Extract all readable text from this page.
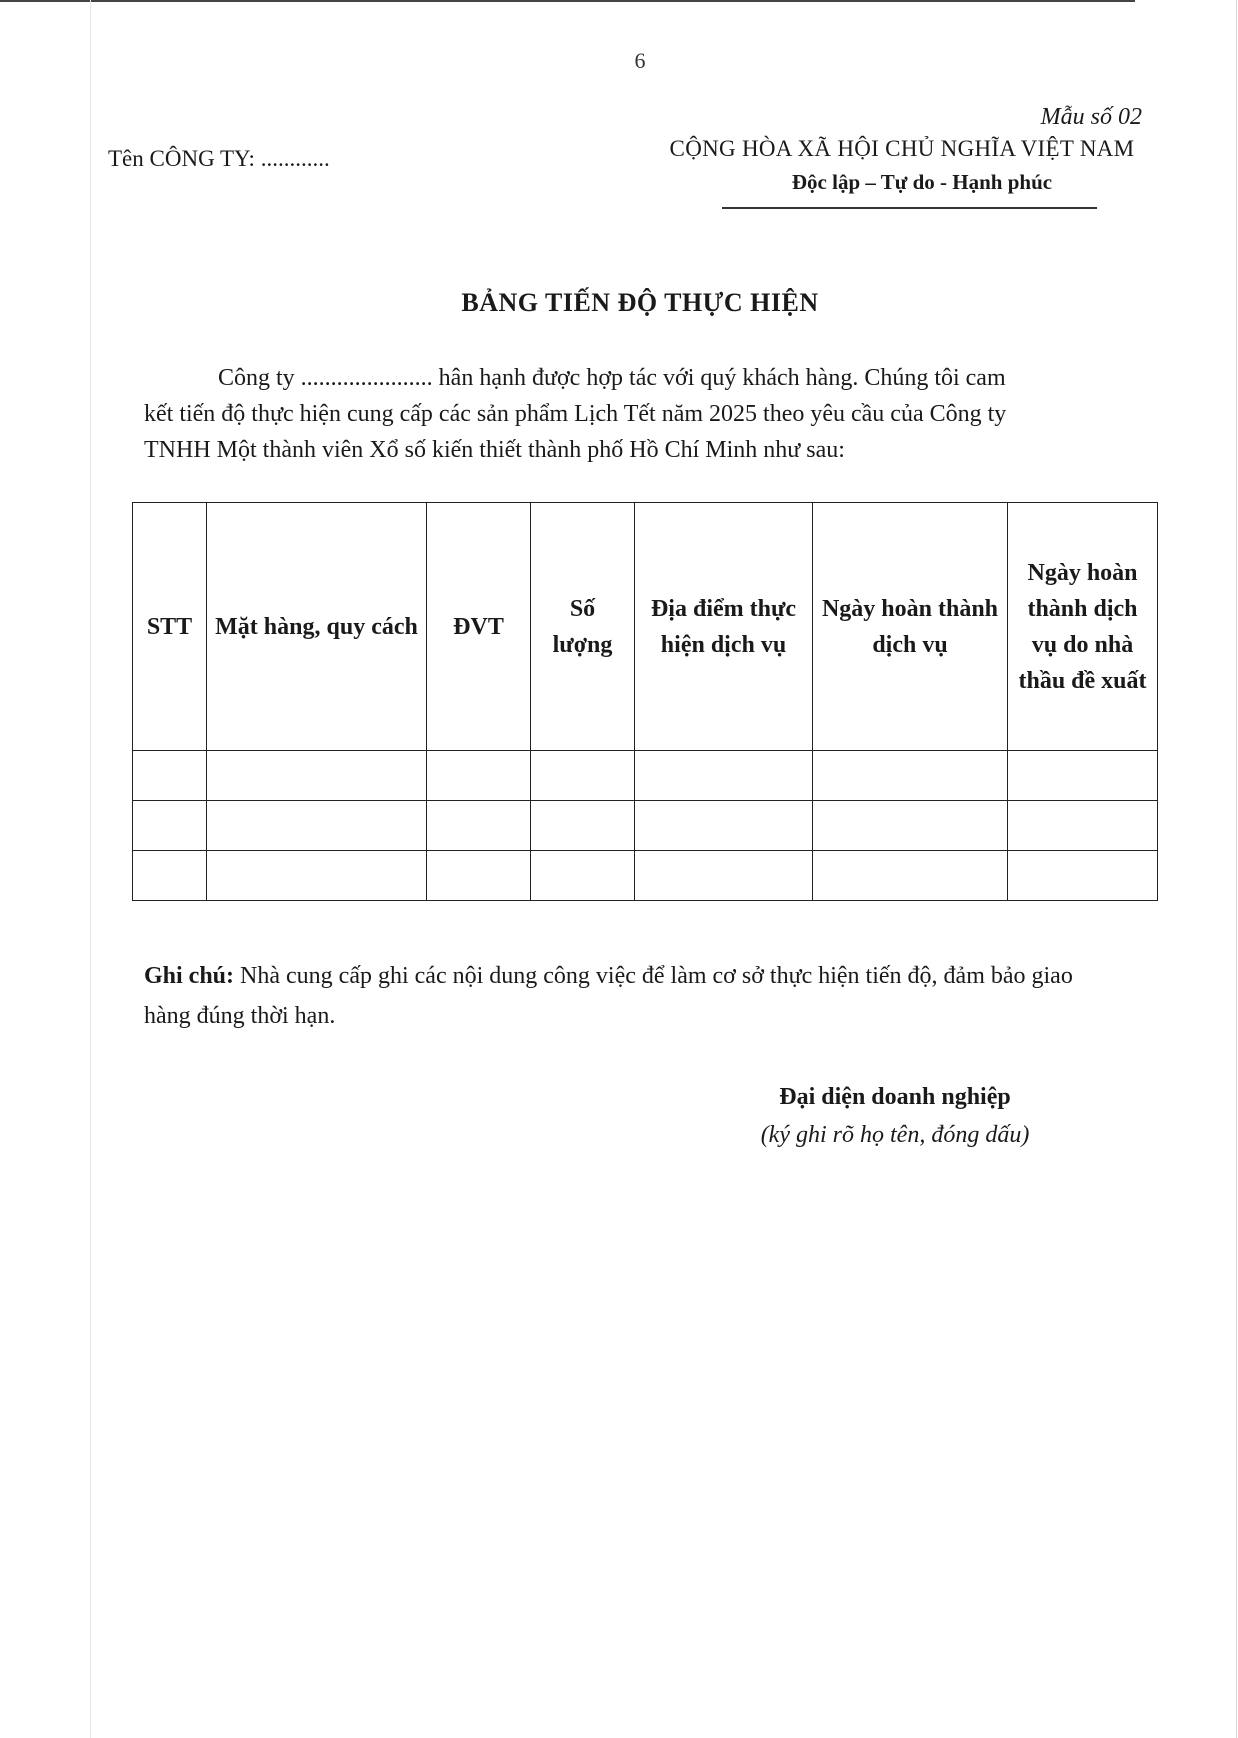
6
Mẫu số 02
Tên CÔNG TY: ............	CỘNG HÒA XÃ HỘI CHỦ NGHĨA VIỆT NAM
Độc lập – Tự do - Hạnh phúc
BẢNG TIẾN ĐỘ THỰC HIỆN

Công ty ...................... hân hạnh được hợp tác với quý khách hàng. Chúng tôi cam

kết tiến độ thực hiện cung cấp các sản phẩm Lịch Tết năm 2025 theo yêu cầu của Công ty

TNHH Một thành viên Xổ số kiến thiết thành phố Hồ Chí Minh như sau:

STT	Mặt hàng, quy cách	ĐVT	Số lượng	Địa điểm thực hiện dịch vụ	Ngày hoàn thành dịch vụ	Ngày hoàn thành dịch vụ do nhà thầu đề xuất

Ghi chú: Nhà cung cấp ghi các nội dung công việc để làm cơ sở thực hiện tiến độ, đảm bảo giao hàng đúng thời hạn.
Đại diện doanh nghiệp
(ký ghi rõ họ tên, đóng dấu)
